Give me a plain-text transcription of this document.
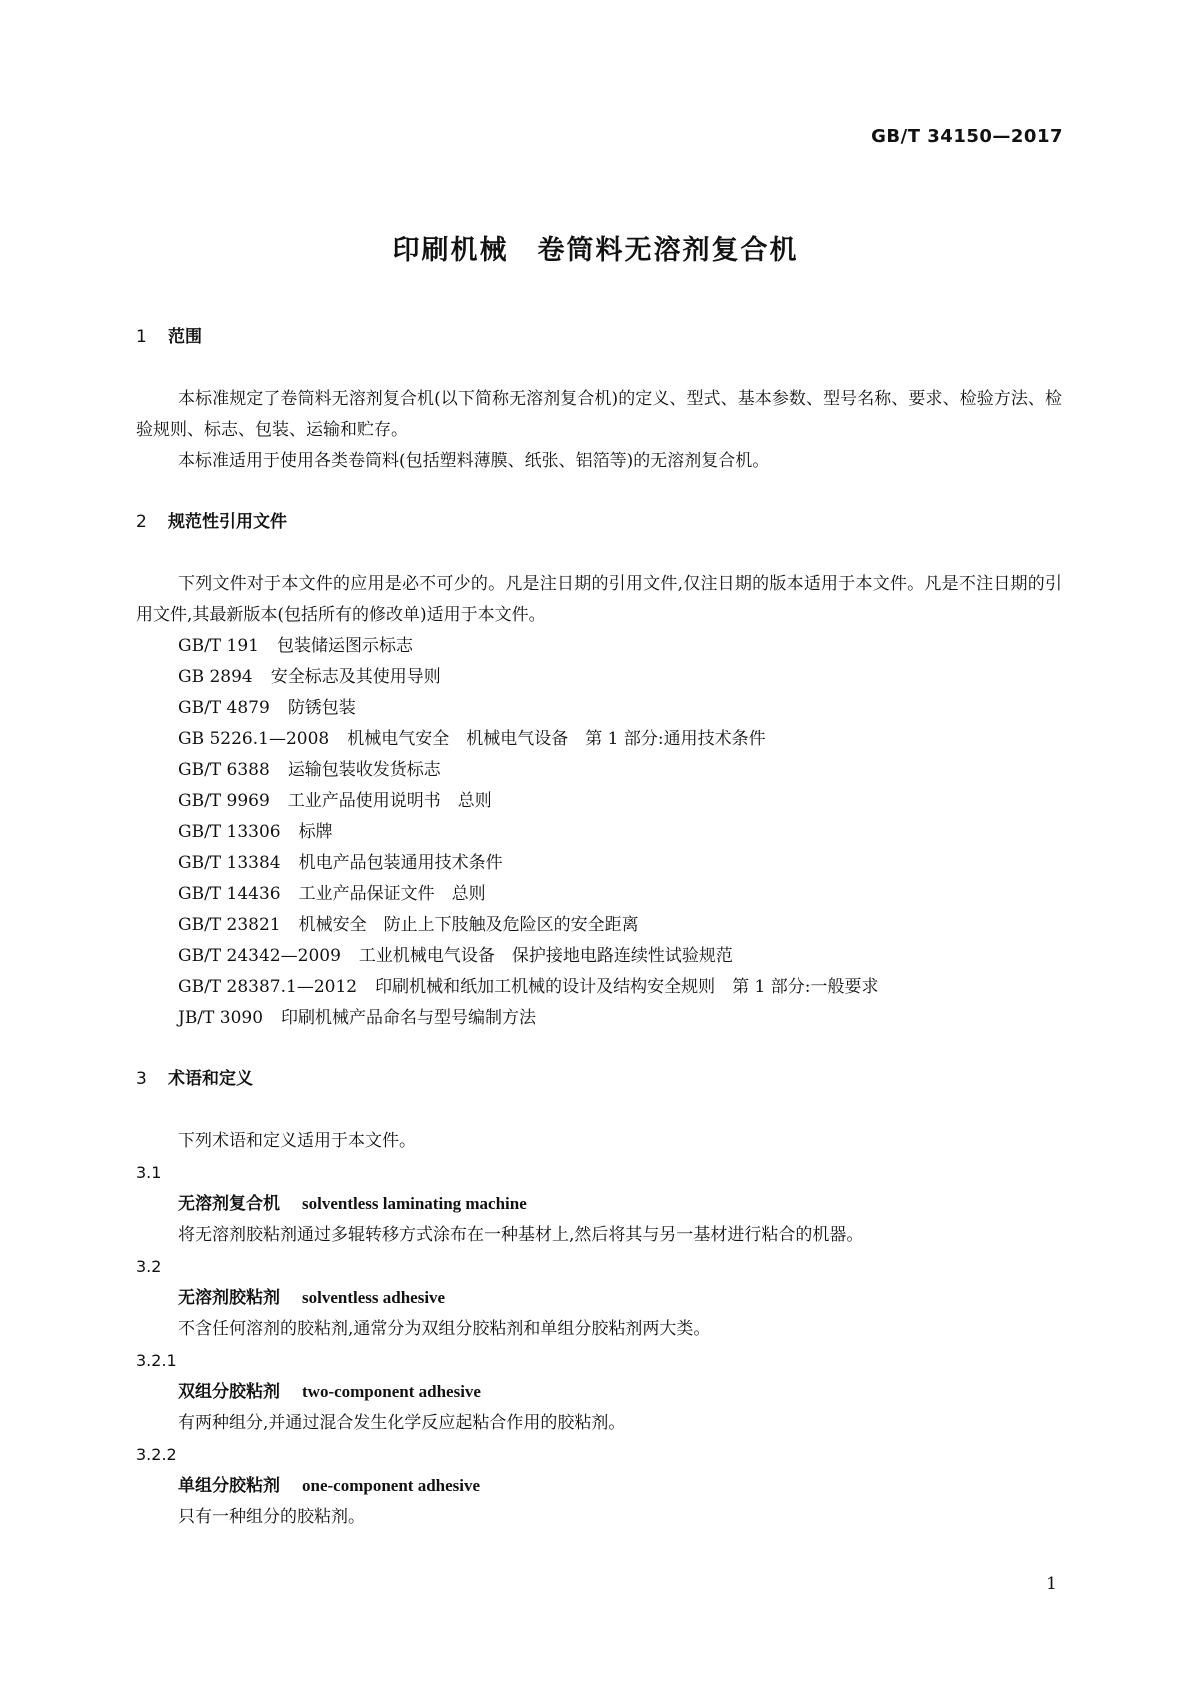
GB/T 34150—2017
印刷机械　卷筒料无溶剂复合机
1 范围

本标准规定了卷筒料无溶剂复合机(以下简称无溶剂复合机)的定义、型式、基本参数、型号名称、要求、检验方法、检验规则、标志、包装、运输和贮存。

本标准适用于使用各类卷筒料(包括塑料薄膜、纸张、铝箔等)的无溶剂复合机。

2 规范性引用文件

下列文件对于本文件的应用是必不可少的。凡是注日期的引用文件,仅注日期的版本适用于本文件。凡是不注日期的引用文件,其最新版本(包括所有的修改单)适用于本文件。

GB/T 191 包装储运图示标志
GB 2894 安全标志及其使用导则
GB/T 4879 防锈包装
GB 5226.1—2008 机械电气安全　机械电气设备　第 1 部分:通用技术条件
GB/T 6388 运输包装收发货标志
GB/T 9969 工业产品使用说明书　总则
GB/T 13306 标牌
GB/T 13384 机电产品包装通用技术条件
GB/T 14436 工业产品保证文件　总则
GB/T 23821 机械安全　防止上下肢触及危险区的安全距离
GB/T 24342—2009 工业机械电气设备　保护接地电路连续性试验规范
GB/T 28387.1—2012 印刷机械和纸加工机械的设计及结构安全规则　第 1 部分:一般要求
JB/T 3090 印刷机械产品命名与型号编制方法
3 术语和定义

下列术语和定义适用于本文件。

3.1
无溶剂复合机 solventless laminating machine
将无溶剂胶粘剂通过多辊转移方式涂布在一种基材上,然后将其与另一基材进行粘合的机器。
3.2
无溶剂胶粘剂 solventless adhesive
不含任何溶剂的胶粘剂,通常分为双组分胶粘剂和单组分胶粘剂两大类。
3.2.1
双组分胶粘剂 two-component adhesive
有两种组分,并通过混合发生化学反应起粘合作用的胶粘剂。
3.2.2
单组分胶粘剂 one-component adhesive
只有一种组分的胶粘剂。
1
